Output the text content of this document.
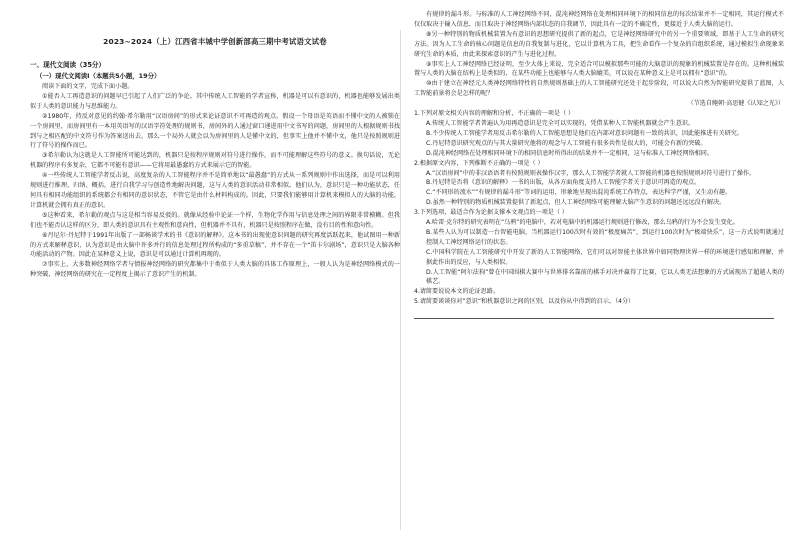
2023~2024（上）江西省丰城中学创新部高三期中考试语文试卷
一、现代文阅读（35分）
（一）现代文阅读Ⅰ（本题共5小题，19分）

阅读下面的文字，完成下面小题。

①能否人工再造意识的问题早已引起了人们广泛的争论。其中传统人工智能的学者宣称，机器是可以有意识的，机器也能够发展出类似于人类的意识能力与思维能力。

②1980年，持反对意见的约翰·希尔勒用“汉语房间”的形式来论证意识不可再造的观点。假设一个母语是英语而不懂中文的人被锁在一个房间里，而房间里有一本用英语写的汉语字符处理的规则书，房间外的人通过窗口递进用中文书写的问题，房间里的人根据规则书找到与之相匹配的中文符号作为答案送出去。那么一个局外人就会以为房间里的人是懂中文的，但事实上他并不懂中文，他只是按照规则进行了符号的操作而已。

③希尔勒认为这就是人工智能所可能达到的，机器只是按程序规则对符号进行操作，而不可能理解这些符号的意义。换句话说，无论机器的程序有多复杂，它都不可能有意识——它将用最愚蠢的方式来展示它的智能。

④一些传统人工智能学者反击说，高度复杂的人工智能程序并不是简单地以“最愚蠢”的方式从一系列规则中作出选择，而是可以利用规则进行推理、归纳、概括，进行自我学习与创造性地解决问题，这与人类的意识活动非常相似。他们认为，意识只是一种功能状态，任何具有相同功能组织的系统都会有相同的意识状态，不管它是由什么材料构成的。因此，只要我们能够用计算机来模拟人的大脑的功能，计算机就会拥有真正的意识。

⑤这种看来，希尔勒的观点与这是相当容易反驳的。就像从经验中论证一个样，生物化学作用与信息处理之间的界限非常模糊。但我们也不能否认这样的区分，即人类的意识具有主观性和意向性，但机器并不具有，机器只是按照程序在做，没有目的性和意向性。

⑥丹尼尔·丹尼特于1991年出版了一部畅谈学术的书《意识的解释》。这本书的出现使意识问题的研究再度活跃起来，他试图用一种新的方式来解释意识，认为意识是由大脑中许多并行的信息处理过程所构成的“多重草稿”，并不存在一个“笛卡尔剧场”，意识只是大脑各种功能活动的产物。因此在某种意义上说，意识是可以通过计算机再现的。

⑦事实上，大多数神经网络学者与情报神经网络的研究都集中于类似于人类大脑的具体工作原理上，一般人认为是神经网络模式的一种突破，神经网络的研究在一定程度上揭示了意识产生的机制。

有规律的漏斗形。与标准的人工神经网络不同，混沌神经网络在处理相同环境下的相同信息的每次结果并不一定相同，其运行模式不仅仅取决于输入信息，而且取决于神经网络内部状态的自我调节，因此具有一定的不确定性，更接近于人类大脑的运行。

⑧另一种特别的物质机械装置为有意识的思想研究提供了新的起点，它是神经网络研究中的另一个重要领域，即基于人工生命的研究方法。因为人工生命的核心问题是信息的自我复制与进化，它以计算机为工具，把生命看作一个复杂的自组织系统，通过模拟生命现象来研究生命的本质，由此来探索意识的产生与进化过程。

⑨事实上人工神经网络已经证明，至少大体上来说，完全适合可以模拟那些可能的大脑意识的现象的机械装置是存在的。这种机械装置与人类的大脑在结构上是类似的，在某些功能上也能够与人类大脑媲美，可以说在某种意义上是可以拥有“意识”的。

⑩由于建立在神经元人类神经网络特性的自然规则基础上的人工智能研究还处于起步阶段，可以说大自然为智能研究提供了蓝图，人工智能前景将会是怎样的呢？

（节选自鲍朝·高思健《认知之光》）

1.下列对原文相关内容的理解和分析，不正确的一项是（ ）

A.传统人工智能学者普遍认为用再造意识是完全可以实现的，凭借某种人工智能机器就会产生意识。

B.不少传统人工智能学者用反击希尔勒的人工智能思想是他们在内部对意识问题有一致的共识，因此能推进有关研究。

C.丹尼特意识研究观点的与其大量研究他将的观念与人工智能有很多共性是很大的，可能会有新的突破。

D.混沌神经网络在处理相同环境下的相同信息时所得出的结果并不一定相同，这与标准人工神经网络相同。

2.根据原文内容，下列推断不正确的一项是（ ）

A.“汉语房间”中的非汉语语者有按照规则表操作汉字，那么人工智能学者就人工智能的机器也按照规则对符号进行了操作。

B.丹尼特是否将《意识的解释》一书的出版，从各方面角度支持人工智能学者关于意识可再造的观点。

C.“不同形的流水”“有规律的漏斗形”等词的运用，形象地呈现出混沌系统工作特点，表达科学严谨，又生动有趣。

D.虽然一种特别的物质机械装置提供了新起点，但人工神经网络可能理解大脑产生意识的问题还远远没有解决。

3.下列选项，最适合作为论据支撑本文观点的一项是（ ）

A.哈雷·克尔特的研究表明在“乌鸦”的电脑中，若对电脑中的机器运行规则进行修改，那么乌鸦的行为不会发生变化。

B.某些人认为可以制造一台智能电脑，当机器运行100次时有效的“极度痛苦”，到运行100次时为“极端快乐”，这一方式说明就通过控制人工神经网络运行的状态。

C.中国科学院在人工智能研究中开发了新的人工智能网络，它们可以对智能主体世界中如同物理世界一样的环境进行感知和理解，并据此作出的反应，与人类相似。

D.人工智能“阿尔法狗”曾在中国围棋大赛中与世界排名靠前的棋手对决并赢得了比赛，它以人类无法想象的方式展现出了超越人类的棋艺。

4.请简要说说本文的论证思路。

5.请简要谈谈你对”意识“和机器意识之间的区别，以及你从中得到的启示。（4分）
